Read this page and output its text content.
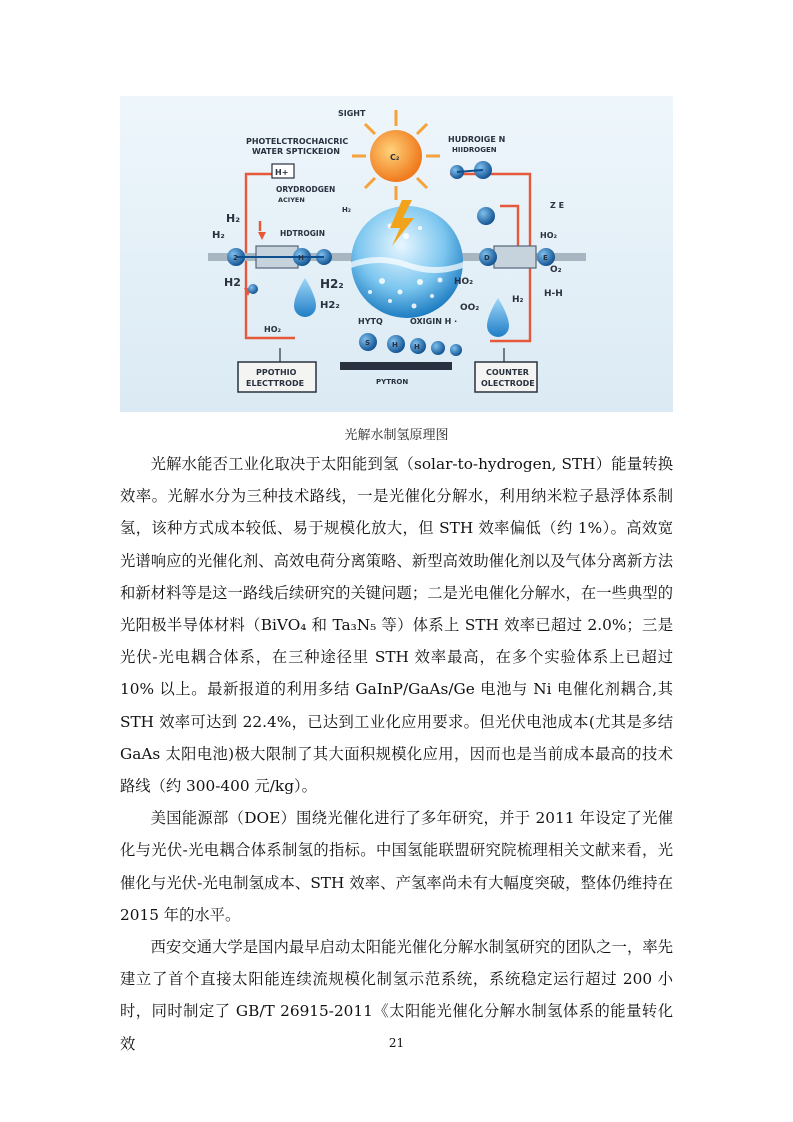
SIGHT
PHOTELCTROCHAICRIC
WATER SPTICKEION
H+
ORYDRODGEN
ACIYEN
HDTROGIN
H₂
H₂
H2	H2₂
H2₂
H₂
HO₂
C₂
HUDROIGE N
HIIDROGEN
Z E
HO₂
HO₂
OO₂
O₂
H-H
H₂
HYTQ	OXIGIN H ·
S	H H
D	E
2	H
> NECTOCOUBROGE ENCECTTSES <
PYTRON
PPOTHIO
ELECTTRODE
COUNTER
OLECTRODE
光解水制氢原理图

光解水能否工业化取决于太阳能到氢（solar-to-hydrogen, STH）能量转换效率。光解水分为三种技术路线，一是光催化分解水，利用纳米粒子悬浮体系制氢，该种方式成本较低、易于规模化放大，但 STH 效率偏低（约 1%）。高效宽光谱响应的光催化剂、高效电荷分离策略、新型高效助催化剂以及气体分离新方法和新材料等是这一路线后续研究的关键问题；二是光电催化分解水，在一些典型的光阳极半导体材料（BiVO₄ 和 Ta₃N₅ 等）体系上 STH 效率已超过 2.0%；三是光伏-光电耦合体系，在三种途径里 STH 效率最高，在多个实验体系上已超过 10% 以上。最新报道的利用多结 GaInP/GaAs/Ge 电池与 Ni 电催化剂耦合,其 STH 效率可达到 22.4%，已达到工业化应用要求。但光伏电池成本(尤其是多结 GaAs 太阳电池)极大限制了其大面积规模化应用，因而也是当前成本最高的技术路线（约 300-400 元/kg）。

美国能源部（DOE）围绕光催化进行了多年研究，并于 2011 年设定了光催化与光伏-光电耦合体系制氢的指标。中国氢能联盟研究院梳理相关文献来看，光催化与光伏-光电制氢成本、STH 效率、产氢率尚未有大幅度突破，整体仍维持在 2015 年的水平。

西安交通大学是国内最早启动太阳能光催化分解水制氢研究的团队之一，率先建立了首个直接太阳能连续流规模化制氢示范系统，系统稳定运行超过 200 小时，同时制定了 GB/T 26915-2011《太阳能光催化分解水制氢体系的能量转化效	21
